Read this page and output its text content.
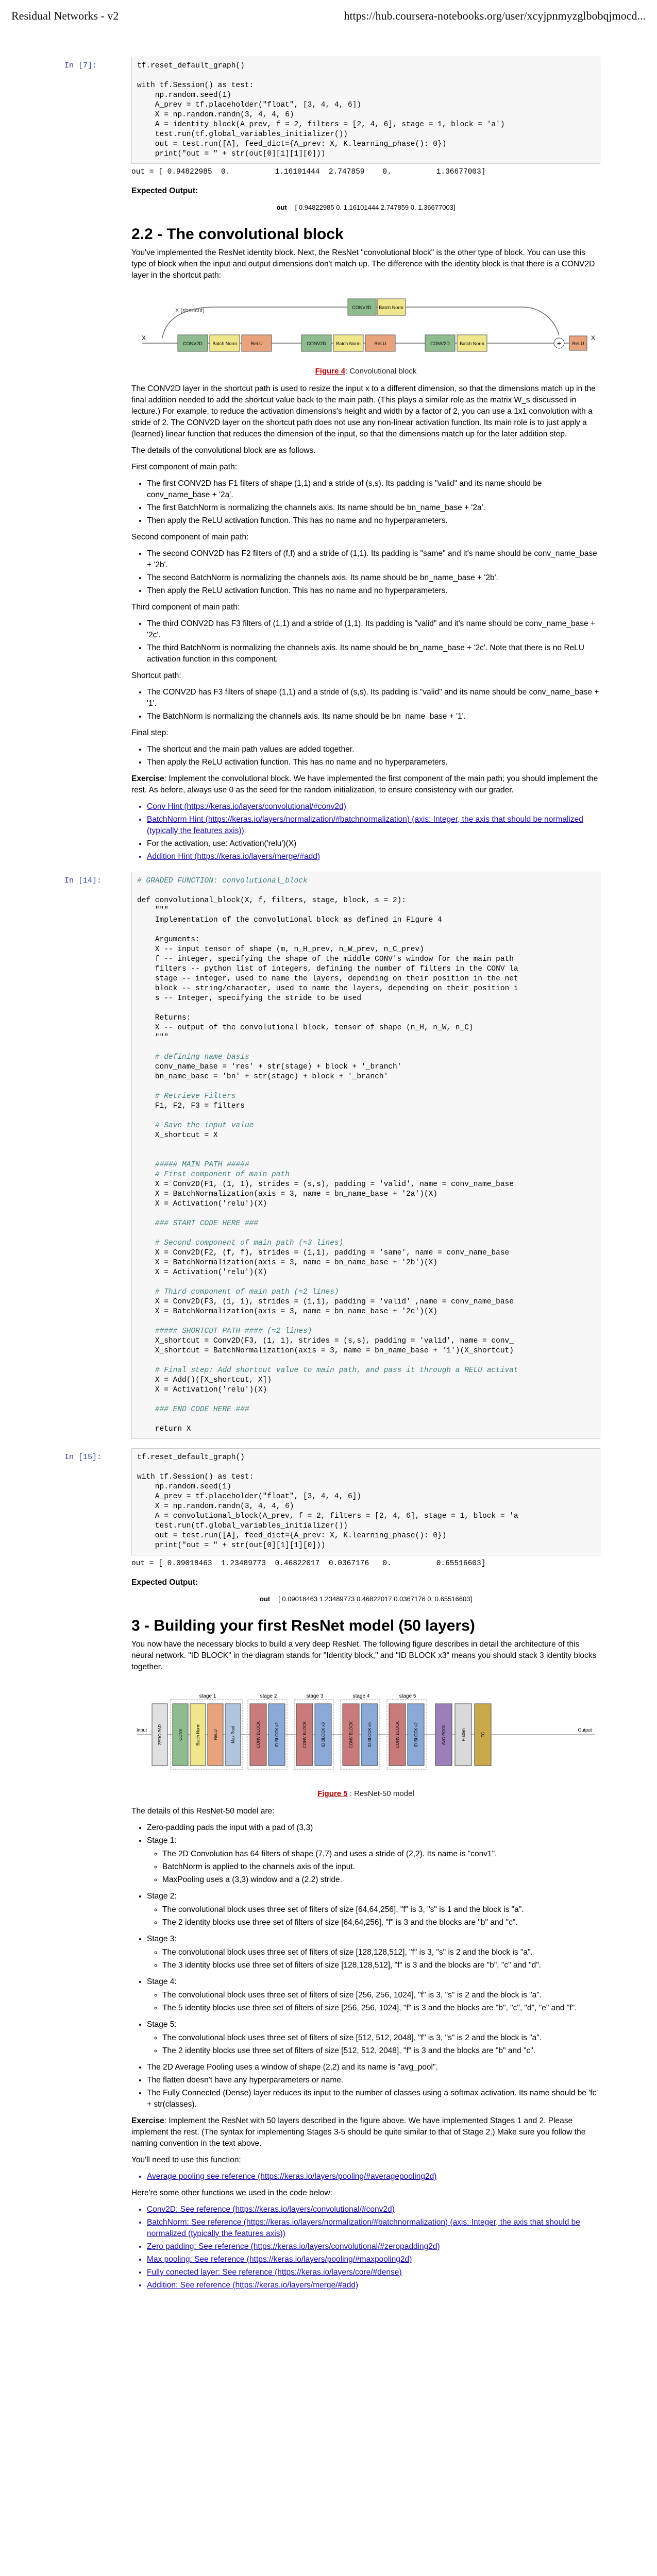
Residual Networks - v2	https://hub.coursera-notebooks.org/user/xcyjpnmyzglbobqjmocd...
In [7]:	tf.reset_default_graph()

with tf.Session() as test:
np.random.seed(1)
A_prev = tf.placeholder("float", [3, 4, 4, 6])
X = np.random.randn(3, 4, 4, 6)
A = identity_block(A_prev, f = 2, filters = [2, 4, 6], stage = 1, block = 'a')
test.run(tf.global_variables_initializer())
out = test.run([A], feed_dict={A_prev: X, K.learning_phase(): 0})
print("out = " + str(out[0][1][1][0]))
out = [ 0.94822985  0.          1.16101444  2.747859    0.          1.36677003]

Expected Output:

out [ 0.94822985 0. 1.16101444 2.747859 0. 1.36677003]
2.2 - The convolutional block

You've implemented the ResNet identity block. Next, the ResNet "convolutional block" is the other type of block. You can use this type of block when the input and output dimensions don't match up. The difference with the identity block is that there is a CONV2D layer in the shortcut path:

X (shortcut)	CONV2D Batch Norm
X
CONV2D Batch Norm	ReLU	CONV2D Batch Norm	ReLU	CONV2D Batch Norm	+ ReLU
X
Figure 4: Convolutional block

The CONV2D layer in the shortcut path is used to resize the input x to a different dimension, so that the dimensions match up in the final addition needed to add the shortcut value back to the main path. (This plays a similar role as the matrix W_s discussed in lecture.) For example, to reduce the activation dimensions's height and width by a factor of 2, you can use a 1x1 convolution with a stride of 2. The CONV2D layer on the shortcut path does not use any non-linear activation function. Its main role is to just apply a (learned) linear function that reduces the dimension of the input, so that the dimensions match up for the later addition step.

The details of the convolutional block are as follows.

First component of main path:

• The first CONV2D has F1 filters of shape (1,1) and a stride of (s,s). Its padding is "valid" and its name should be conv_name_base + '2a'.
• The first BatchNorm is normalizing the channels axis. Its name should be bn_name_base + '2a'.
• Then apply the ReLU activation function. This has no name and no hyperparameters.

Second component of main path:

• The second CONV2D has F2 filters of (f,f) and a stride of (1,1). Its padding is "same" and it's name should be conv_name_base + '2b'.
• The second BatchNorm is normalizing the channels axis. Its name should be bn_name_base + '2b'.
• Then apply the ReLU activation function. This has no name and no hyperparameters.

Third component of main path:

• The third CONV2D has F3 filters of (1,1) and a stride of (1,1). Its padding is "valid" and it's name should be conv_name_base + '2c'.
• The third BatchNorm is normalizing the channels axis. Its name should be bn_name_base + '2c'. Note that there is no ReLU activation function in this component.

Shortcut path:

• The CONV2D has F3 filters of shape (1,1) and a stride of (s,s). Its padding is "valid" and its name should be conv_name_base + '1'.
• The BatchNorm is normalizing the channels axis. Its name should be bn_name_base + '1'.

Final step:

• The shortcut and the main path values are added together.
• Then apply the ReLU activation function. This has no name and no hyperparameters.

Exercise: Implement the convolutional block. We have implemented the first component of the main path; you should implement the rest. As before, always use 0 as the seed for the random initialization, to ensure consistency with our grader.

• Conv Hint (https://keras.io/layers/convolutional/#conv2d)
• BatchNorm Hint (https://keras.io/layers/normalization/#batchnormalization) (axis: Integer, the axis that should be normalized (typically the features axis))
• For the activation, use: Activation('relu')(X)
• Addition Hint (https://keras.io/layers/merge/#add)
In [14]:	# GRADED FUNCTION: convolutional_block

def convolutional_block(X, f, filters, stage, block, s = 2):
"""
Implementation of the convolutional block as defined in Figure 4

Arguments:
X -- input tensor of shape (m, n_H_prev, n_W_prev, n_C_prev)
f -- integer, specifying the shape of the middle CONV's window for the main path
filters -- python list of integers, defining the number of filters in the CONV la
stage -- integer, used to name the layers, depending on their position in the net
block -- string/character, used to name the layers, depending on their position i
s -- Integer, specifying the stride to be used

Returns:
X -- output of the convolutional block, tensor of shape (n_H, n_W, n_C)
"""

# defining name basis
conv_name_base = 'res' + str(stage) + block + '_branch'
bn_name_base = 'bn' + str(stage) + block + '_branch'

# Retrieve Filters
F1, F2, F3 = filters

# Save the input value
X_shortcut = X

##### MAIN PATH #####
# First component of main path
X = Conv2D(F1, (1, 1), strides = (s,s), padding = 'valid', name = conv_name_base
X = BatchNormalization(axis = 3, name = bn_name_base + '2a')(X)
X = Activation('relu')(X)

### START CODE HERE ###

# Second component of main path (≈3 lines)
X = Conv2D(F2, (f, f), strides = (1,1), padding = 'same', name = conv_name_base
X = BatchNormalization(axis = 3, name = bn_name_base + '2b')(X)
X = Activation('relu')(X)

# Third component of main path (≈2 lines)
X = Conv2D(F3, (1, 1), strides = (1,1), padding = 'valid' ,name = conv_name_base
X = BatchNormalization(axis = 3, name = bn_name_base + '2c')(X)

##### SHORTCUT PATH #### (≈2 lines)
X_shortcut = Conv2D(F3, (1, 1), strides = (s,s), padding = 'valid', name = conv_
X_shortcut = BatchNormalization(axis = 3, name = bn_name_base + '1')(X_shortcut)

# Final step: Add shortcut value to main path, and pass it through a RELU activat
X = Add()([X_shortcut, X])
X = Activation('relu')(X)

### END CODE HERE ###

return X
In [15]:	tf.reset_default_graph()

with tf.Session() as test:
np.random.seed(1)
A_prev = tf.placeholder("float", [3, 4, 4, 6])
X = np.random.randn(3, 4, 4, 6)
A = convolutional_block(A_prev, f = 2, filters = [2, 4, 6], stage = 1, block = 'a
test.run(tf.global_variables_initializer())
out = test.run([A], feed_dict={A_prev: X, K.learning_phase(): 0})
print("out = " + str(out[0][1][1][0]))
out = [ 0.09018463  1.23489773  0.46822017  0.0367176   0.          0.65516603]

Expected Output:

out [ 0.09018463 1.23489773 0.46822017 0.0367176 0. 0.65516603]
3 - Building your first ResNet model (50 layers)

You now have the necessary blocks to build a very deep ResNet. The following figure describes in detail the architecture of this neural network. "ID BLOCK" in the diagram stands for "Identity block," and "ID BLOCK x3" means you should stack 3 identity blocks together.

Input	Output
ZERO PAD	CONV	Batch Norm	ReLU	Max Pool
stage 1
CONV BLOCK	ID BLOCK x2
stage 2
CONV BLOCK	ID BLOCK x3
stage 3
CONV BLOCK	ID BLOCK x5
stage 4
CONV BLOCK	ID BLOCK x2
stage 5
AVG POOL	Flatten	FC
Figure 5 : ResNet-50 model

The details of this ResNet-50 model are:

• Zero-padding pads the input with a pad of (3,3)
• Stage 1:
◦ The 2D Convolution has 64 filters of shape (7,7) and uses a stride of (2,2). Its name is "conv1".
◦ BatchNorm is applied to the channels axis of the input.
◦ MaxPooling uses a (3,3) window and a (2,2) stride.
• Stage 2:
◦ The convolutional block uses three set of filters of size [64,64,256], "f" is 3, "s" is 1 and the block is "a".
◦ The 2 identity blocks use three set of filters of size [64,64,256], "f" is 3 and the blocks are "b" and "c".
• Stage 3:
◦ The convolutional block uses three set of filters of size [128,128,512], "f" is 3, "s" is 2 and the block is "a".
◦ The 3 identity blocks use three set of filters of size [128,128,512], "f" is 3 and the blocks are "b", "c" and "d".
• Stage 4:
◦ The convolutional block uses three set of filters of size [256, 256, 1024], "f" is 3, "s" is 2 and the block is "a".
◦ The 5 identity blocks use three set of filters of size [256, 256, 1024], "f" is 3 and the blocks are "b", "c", "d", "e" and "f".
• Stage 5:
◦ The convolutional block uses three set of filters of size [512, 512, 2048], "f" is 3, "s" is 2 and the block is "a".
◦ The 2 identity blocks use three set of filters of size [512, 512, 2048], "f" is 3 and the blocks are "b" and "c".
• The 2D Average Pooling uses a window of shape (2,2) and its name is "avg_pool".
• The flatten doesn't have any hyperparameters or name.
• The Fully Connected (Dense) layer reduces its input to the number of classes using a softmax activation. Its name should be 'fc' + str(classes).

Exercise: Implement the ResNet with 50 layers described in the figure above. We have implemented Stages 1 and 2. Please implement the rest. (The syntax for implementing Stages 3-5 should be quite similar to that of Stage 2.) Make sure you follow the naming convention in the text above.

You'll need to use this function:

• Average pooling see reference (https://keras.io/layers/pooling/#averagepooling2d)

Here're some other functions we used in the code below:

• Conv2D: See reference (https://keras.io/layers/convolutional/#conv2d)
• BatchNorm: See reference (https://keras.io/layers/normalization/#batchnormalization) (axis: Integer, the axis that should be normalized (typically the features axis))
• Zero padding: See reference (https://keras.io/layers/convolutional/#zeropadding2d)
• Max pooling: See reference (https://keras.io/layers/pooling/#maxpooling2d)
• Fully conected layer: See reference (https://keras.io/layers/core/#dense)
• Addition: See reference (https://keras.io/layers/merge/#add)
